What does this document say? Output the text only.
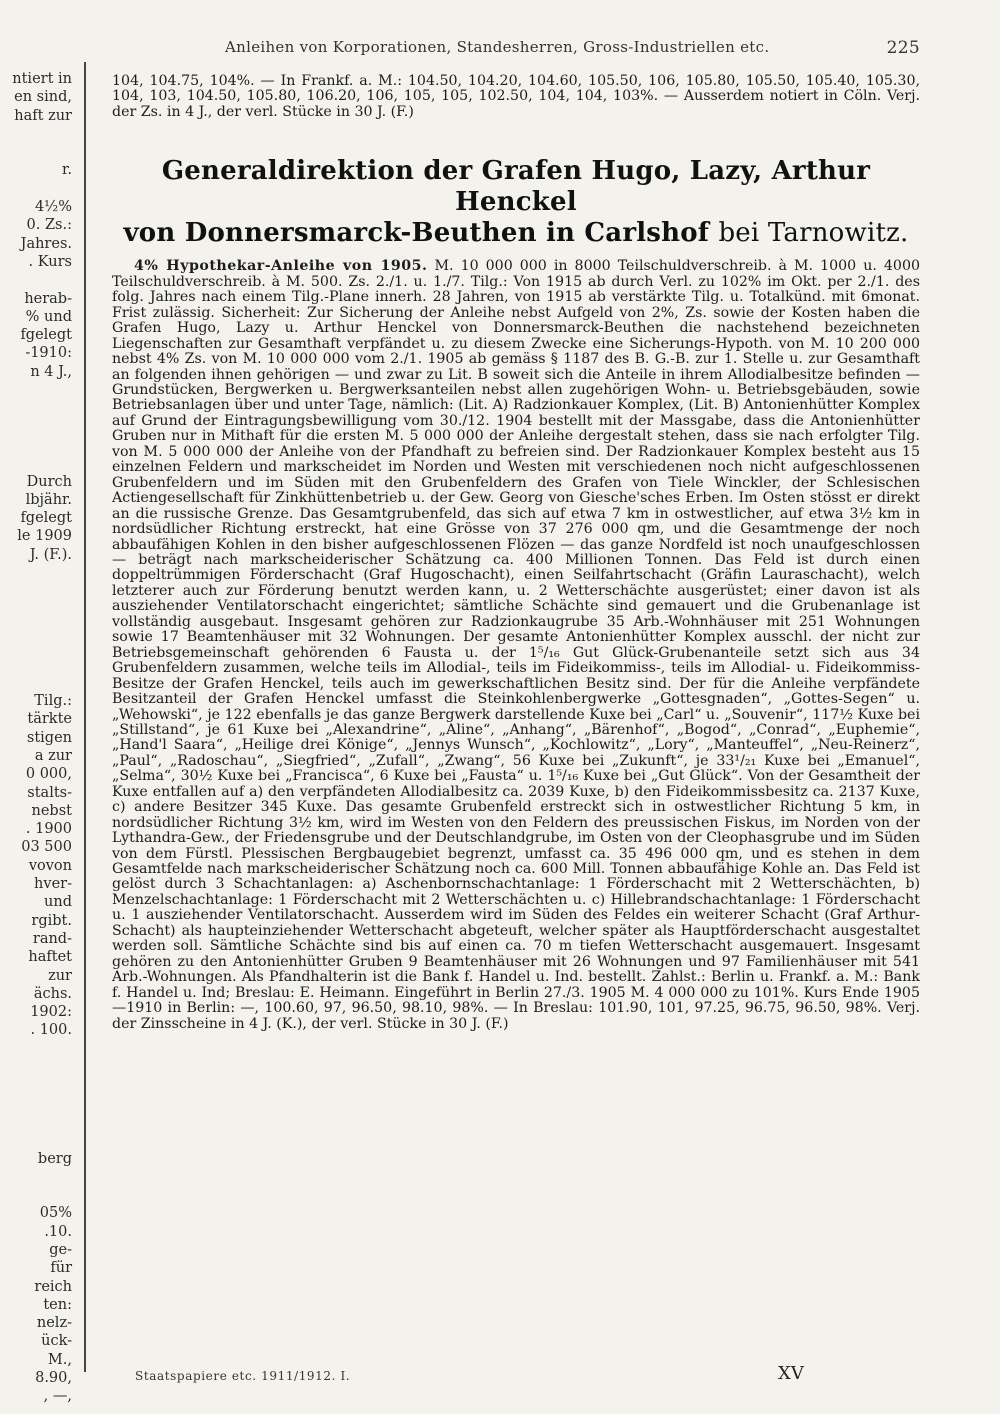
ntiert in
en sind,
haft zur
r.
4½%
0. Zs.:
Jahres.
. Kurs
herab-
% und
fgelegt
-1910:
n 4 J.,
Durch
lbjähr.
fgelegt
le 1909
J. (F.).
Tilg.:
tärkte
stigen
a zur
0 000,
stalts-
nebst
. 1900
03 500
vovon
hver-
und
rgibt.
rand-
haftet
zur
ächs.
1902:
. 100.
berg
05%
.10.
ge-
für
reich
ten:
nelz-
ück-
M.,
8.90,
, —,
Anleihen von Korporationen, Standesherren, Gross-Industriellen etc.	225

104, 104.75, 104%. — In Frankf. a. M.: 104.50, 104.20, 104.60, 105.50, 106, 105.80, 105.50, 105.40, 105.30, 104, 103, 104.50, 105.80, 106.20, 106, 105, 105, 102.50, 104, 104, 103%. — Ausserdem notiert in Cöln. Verj. der Zs. in 4 J., der verl. Stücke in 30 J. (F.)

Generaldirektion der Grafen Hugo, Lazy, Arthur Henckel
von Donnersmarck-Beuthen in Carlshof bei Tarnowitz.

4% Hypothekar-Anleihe von 1905. M. 10 000 000 in 8000 Teilschuldverschreib. à M. 1000 u. 4000 Teilschuldverschreib. à M. 500. Zs. 2./1. u. 1./7. Tilg.: Von 1915 ab durch Verl. zu 102% im Okt. per 2./1. des folg. Jahres nach einem Tilg.-Plane innerh. 28 Jahren, von 1915 ab verstärkte Tilg. u. Totalkünd. mit 6monat. Frist zulässig. Sicherheit: Zur Sicherung der Anleihe nebst Aufgeld von 2%, Zs. sowie der Kosten haben die Grafen Hugo, Lazy u. Arthur Henckel von Donnersmarck-Beuthen die nachstehend bezeichneten Liegenschaften zur Gesamthaft verpfändet u. zu diesem Zwecke eine Sicherungs-Hypoth. von M. 10 200 000 nebst 4% Zs. von M. 10 000 000 vom 2./1. 1905 ab gemäss § 1187 des B. G.-B. zur 1. Stelle u. zur Gesamthaft an folgenden ihnen gehörigen — und zwar zu Lit. B soweit sich die Anteile in ihrem Allodialbesitze befinden — Grundstücken, Bergwerken u. Bergwerksanteilen nebst allen zugehörigen Wohn- u. Betriebsgebäuden, sowie Betriebsanlagen über und unter Tage, nämlich: (Lit. A) Radzionkauer Komplex, (Lit. B) Antonienhütter Komplex auf Grund der Eintragungsbewilligung vom 30./12. 1904 bestellt mit der Massgabe, dass die Antonienhütter Gruben nur in Mithaft für die ersten M. 5 000 000 der Anleihe dergestalt stehen, dass sie nach erfolgter Tilg. von M. 5 000 000 der Anleihe von der Pfandhaft zu befreien sind. Der Radzionkauer Komplex besteht aus 15 einzelnen Feldern und markscheidet im Norden und Westen mit verschiedenen noch nicht aufgeschlossenen Grubenfeldern und im Süden mit den Grubenfeldern des Grafen von Tiele Winckler, der Schlesischen Actiengesellschaft für Zinkhüttenbetrieb u. der Gew. Georg von Giesche'sches Erben. Im Osten stösst er direkt an die russische Grenze. Das Gesamtgrubenfeld, das sich auf etwa 7 km in ostwestlicher, auf etwa 3½ km in nordsüdlicher Richtung erstreckt, hat eine Grösse von 37 276 000 qm, und die Gesamtmenge der noch abbaufähigen Kohlen in den bisher aufgeschlossenen Flözen — das ganze Nordfeld ist noch unaufgeschlossen — beträgt nach markscheiderischer Schätzung ca. 400 Millionen Tonnen. Das Feld ist durch einen doppeltrümmigen Förderschacht (Graf Hugoschacht), einen Seilfahrtschacht (Gräfin Lauraschacht), welch letzterer auch zur Förderung benutzt werden kann, u. 2 Wetterschächte ausgerüstet; einer davon ist als ausziehender Ventilatorschacht eingerichtet; sämtliche Schächte sind gemauert und die Grubenanlage ist vollständig ausgebaut. Insgesamt gehören zur Radzionkaugrube 35 Arb.-Wohnhäuser mit 251 Wohnungen sowie 17 Beamtenhäuser mit 32 Wohnungen. Der gesamte Antonienhütter Komplex ausschl. der nicht zur Betriebsgemeinschaft gehörenden 6 Fausta u. der 1⁵/₁₆ Gut Glück-Grubenanteile setzt sich aus 34 Grubenfeldern zusammen, welche teils im Allodial-, teils im Fideikommiss-, teils im Allodial- u. Fideikommiss-Besitze der Grafen Henckel, teils auch im gewerkschaftlichen Besitz sind. Der für die Anleihe verpfändete Besitzanteil der Grafen Henckel umfasst die Steinkohlenbergwerke „Gottesgnaden“, „Gottes-Segen“ u. „Wehowski“, je 122 ebenfalls je das ganze Bergwerk darstellende Kuxe bei „Carl“ u. „Souvenir“, 117½ Kuxe bei „Stillstand“, je 61 Kuxe bei „Alexandrine“, „Aline“, „Anhang“, „Bärenhof“, „Bogod“, „Conrad“, „Euphemie“, „Hand'l Saara“, „Heilige drei Könige“, „Jennys Wunsch“, „Kochlowitz“, „Lory“, „Manteuffel“, „Neu-Reinerz“, „Paul“, „Radoschau“, „Siegfried“, „Zufall“, „Zwang“, 56 Kuxe bei „Zukunft“, je 33¹/₂₁ Kuxe bei „Emanuel“, „Selma“, 30½ Kuxe bei „Francisca“, 6 Kuxe bei „Fausta“ u. 1⁵/₁₆ Kuxe bei „Gut Glück“. Von der Gesamtheit der Kuxe entfallen auf a) den verpfändeten Allodialbesitz ca. 2039 Kuxe, b) den Fideikommissbesitz ca. 2137 Kuxe, c) andere Besitzer 345 Kuxe. Das gesamte Grubenfeld erstreckt sich in ostwestlicher Richtung 5 km, in nordsüdlicher Richtung 3½ km, wird im Westen von den Feldern des preussischen Fiskus, im Norden von der Lythandra-Gew., der Friedensgrube und der Deutschlandgrube, im Osten von der Cleophasgrube und im Süden von dem Fürstl. Plessischen Bergbaugebiet begrenzt, umfasst ca. 35 496 000 qm, und es stehen in dem Gesamtfelde nach markscheiderischer Schätzung noch ca. 600 Mill. Tonnen abbaufähige Kohle an. Das Feld ist gelöst durch 3 Schachtanlagen: a) Aschenbornschachtanlage: 1 Förderschacht mit 2 Wetterschächten, b) Menzelschachtanlage: 1 Förderschacht mit 2 Wetterschächten u. c) Hillebrandschachtanlage: 1 Förderschacht u. 1 ausziehender Ventilatorschacht. Ausserdem wird im Süden des Feldes ein weiterer Schacht (Graf Arthur-Schacht) als haupteinziehender Wetterschacht abgeteuft, welcher später als Hauptförderschacht ausgestaltet werden soll. Sämtliche Schächte sind bis auf einen ca. 70 m tiefen Wetterschacht ausgemauert. Insgesamt gehören zu den Antonienhütter Gruben 9 Beamtenhäuser mit 26 Wohnungen und 97 Familienhäuser mit 541 Arb.-Wohnungen. Als Pfandhalterin ist die Bank f. Handel u. Ind. bestellt. Zahlst.: Berlin u. Frankf. a. M.: Bank f. Handel u. Ind; Breslau: E. Heimann. Eingeführt in Berlin 27./3. 1905 M. 4 000 000 zu 101%. Kurs Ende 1905—1910 in Berlin: —, 100.60, 97, 96.50, 98.10, 98%. — In Breslau: 101.90, 101, 97.25, 96.75, 96.50, 98%. Verj. der Zinsscheine in 4 J. (K.), der verl. Stücke in 30 J. (F.)

Staatspapiere etc. 1911/1912. I.	XV
